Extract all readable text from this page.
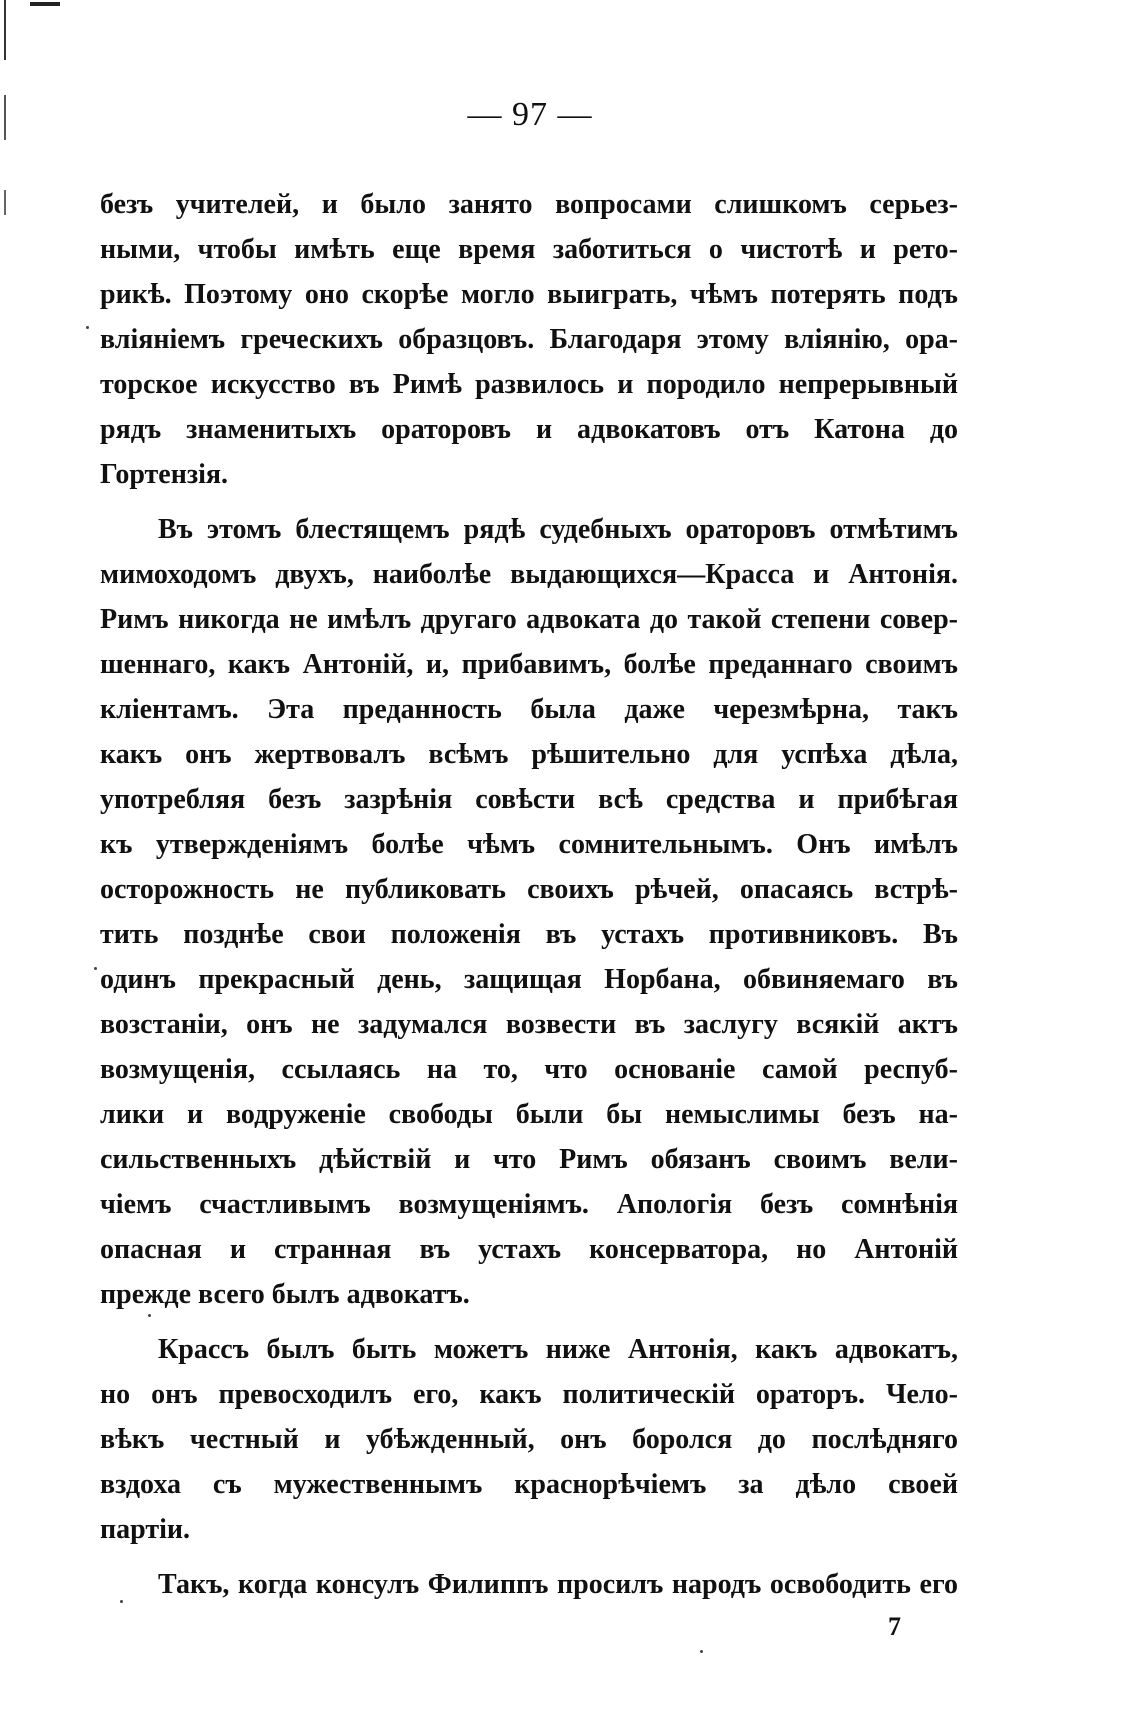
— 97 —
безъ учителей, и было занято вопросами слишкомъ серьез-
ными, чтобы имѣть еще время заботиться о чистотѣ и рето-
рикѣ. Поэтому оно скорѣе могло выиграть, чѣмъ потерять подъ
вліяніемъ греческихъ образцовъ. Благодаря этому вліянію, ора-
торское искусство въ Римѣ развилось и породило непрерывный
рядъ знаменитыхъ ораторовъ и адвокатовъ отъ Катона до
Гортензія.
Въ этомъ блестящемъ рядѣ судебныхъ ораторовъ отмѣтимъ
мимоходомъ двухъ, наиболѣе выдающихся—Красса и Антонія.
Римъ никогда не имѣлъ другаго адвоката до такой степени совер-
шеннаго, какъ Антоній, и, прибавимъ, болѣе преданнаго своимъ
кліентамъ. Эта преданность была даже черезмѣрна, такъ
какъ онъ жертвовалъ всѣмъ рѣшительно для успѣха дѣла,
употребляя безъ зазрѣнія совѣсти всѣ средства и прибѣгая
къ утвержденіямъ болѣе чѣмъ сомнительнымъ. Онъ имѣлъ
осторожность не публиковать своихъ рѣчей, опасаясь встрѣ-
тить позднѣе свои положенія въ устахъ противниковъ. Въ
одинъ прекрасный день, защищая Норбана, обвиняемаго въ
возстаніи, онъ не задумался возвести въ заслугу всякій актъ
возмущенія, ссылаясь на то, что основаніе самой респуб-
лики и водруженіе свободы были бы немыслимы безъ на-
сильственныхъ дѣйствій и что Римъ обязанъ своимъ вели-
чіемъ счастливымъ возмущеніямъ. Апологія безъ сомнѣнія
опасная и странная въ устахъ консерватора, но Антоній
прежде всего былъ адвокатъ.
Крассъ былъ быть можетъ ниже Антонія, какъ адвокатъ,
но онъ превосходилъ его, какъ политическій ораторъ. Чело-
вѣкъ честный и убѣжденный, онъ боролся до послѣдняго
вздоха съ мужественнымъ краснорѣчіемъ за дѣло своей
партіи.
Такъ, когда консулъ Филиппъ просилъ народъ освободить его
7
